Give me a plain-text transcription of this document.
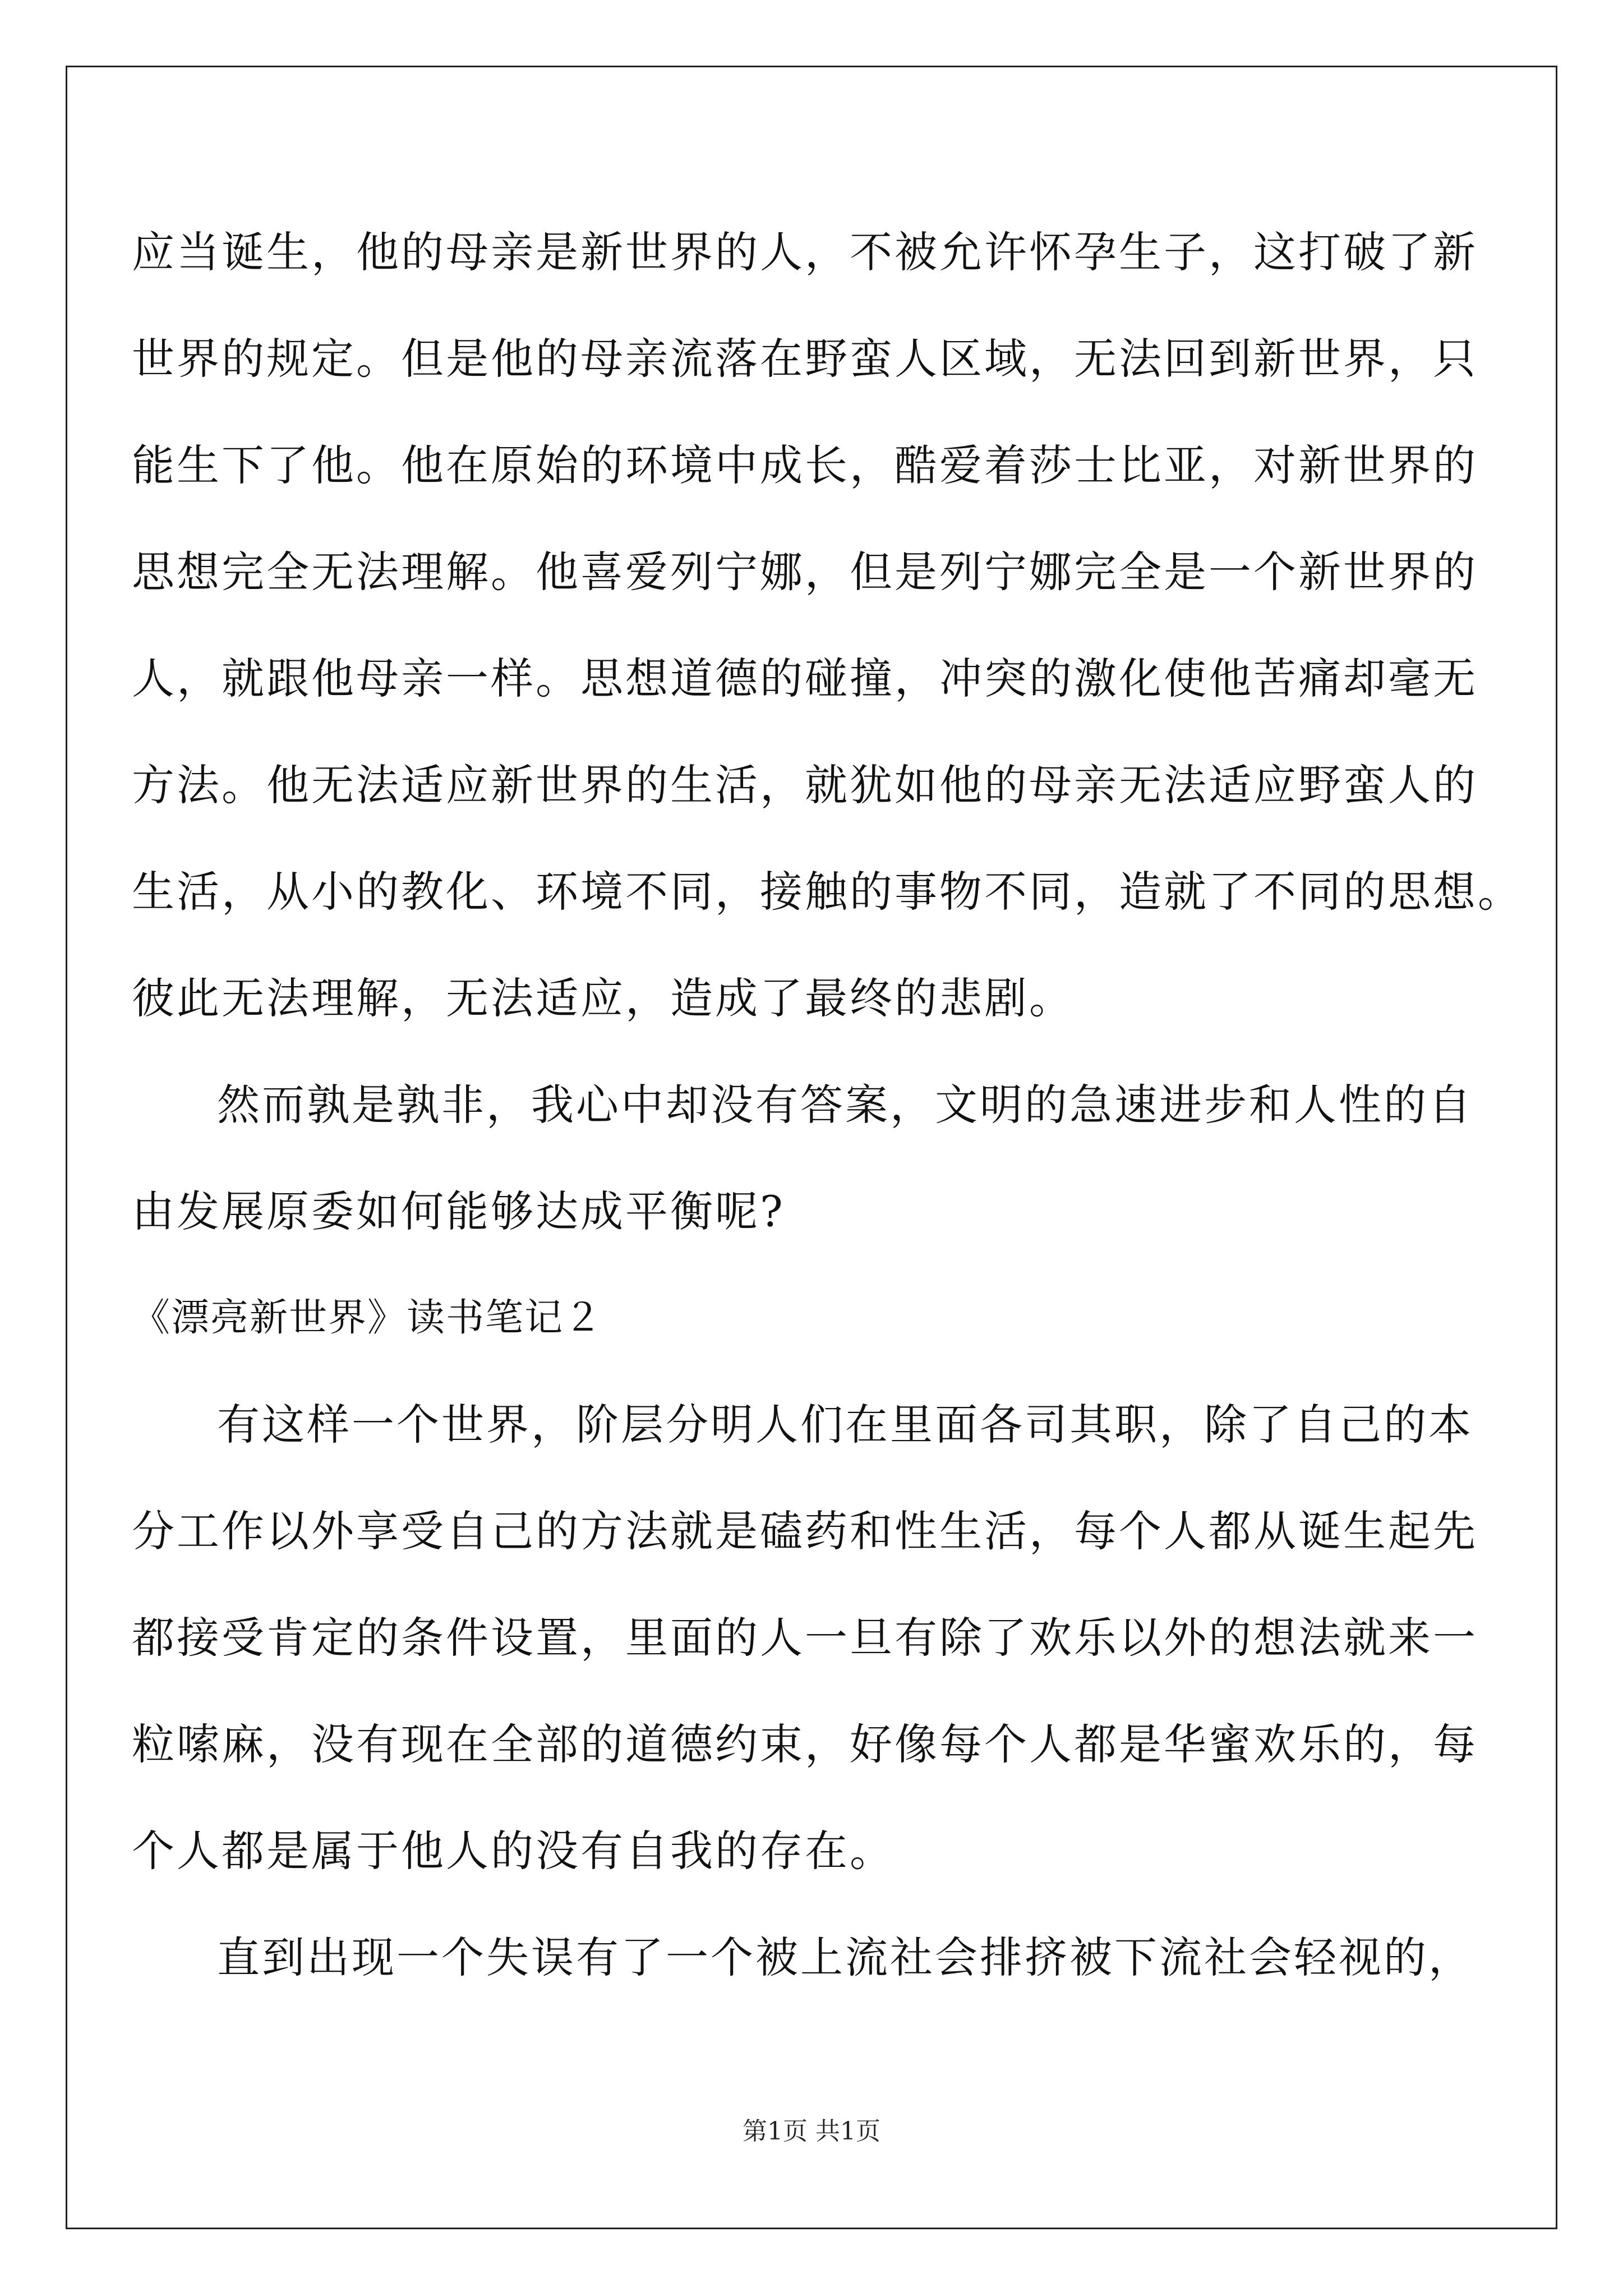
应当诞生，他的母亲是新世界的人，不被允许怀孕生子，这打破了新
世界的规定。但是他的母亲流落在野蛮人区域，无法回到新世界，只
能生下了他。他在原始的环境中成长，酷爱着莎士比亚，对新世界的
思想完全无法理解。他喜爱列宁娜，但是列宁娜完全是一个新世界的
人，就跟他母亲一样。思想道德的碰撞，冲突的激化使他苦痛却毫无
方法。他无法适应新世界的生活，就犹如他的母亲无法适应野蛮人的
生活，从小的教化、环境不同，接触的事物不同，造就了不同的思想。
彼此无法理解，无法适应，造成了最终的悲剧。
然而孰是孰非，我心中却没有答案，文明的急速进步和人性的自
由发展原委如何能够达成平衡呢?
《漂亮新世界》读书笔记２
有这样一个世界，阶层分明人们在里面各司其职，除了自己的本
分工作以外享受自己的方法就是磕药和性生活，每个人都从诞生起先
都接受肯定的条件设置，里面的人一旦有除了欢乐以外的想法就来一
粒嗦麻，没有现在全部的道德约束，好像每个人都是华蜜欢乐的，每
个人都是属于他人的没有自我的存在。
直到出现一个失误有了一个被上流社会排挤被下流社会轻视的，
第1页 共1页
